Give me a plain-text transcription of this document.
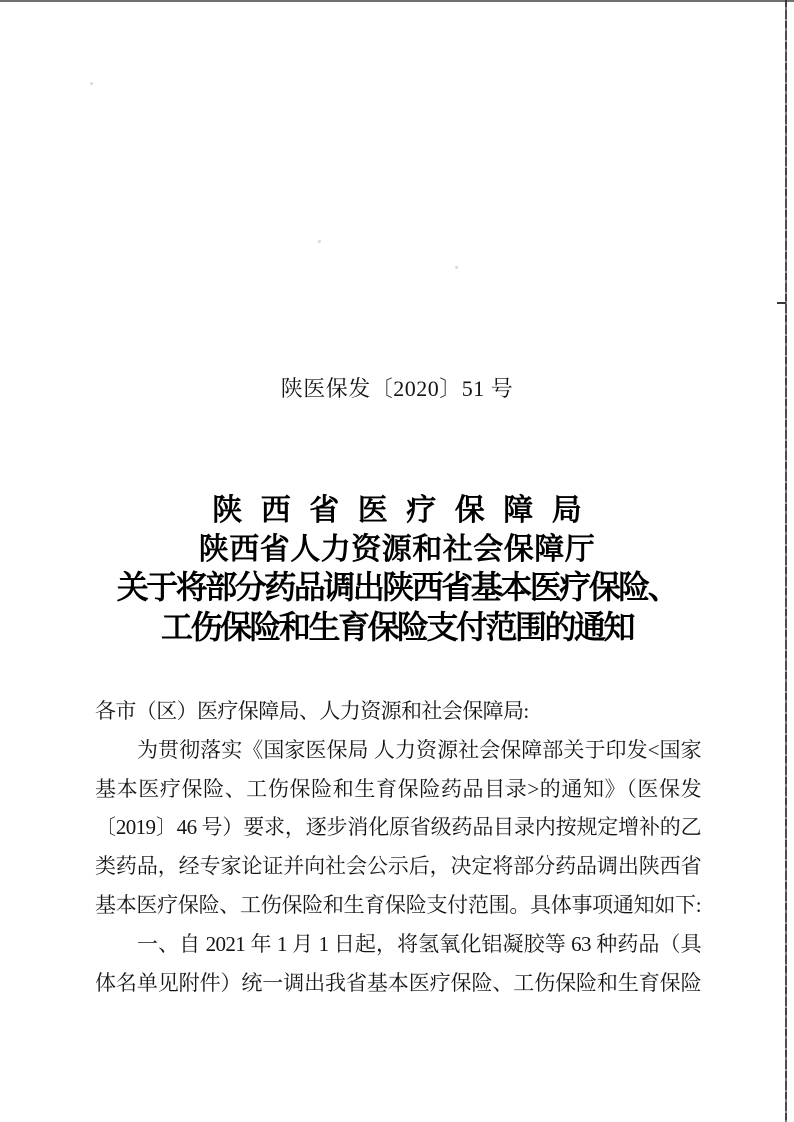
陕医保发〔2020〕51 号
陕西省医疗保障局
陕西省人力资源和社会保障厅
关于将部分药品调出陕西省基本医疗保险、
工伤保险和生育保险支付范围的通知
各市（区）医疗保障局、人力资源和社会保障局:
为贯彻落实《国家医保局 人力资源社会保障部关于印发<国家
基本医疗保险、工伤保险和生育保险药品目录>的通知》（医保发
〔2019〕46 号）要求，逐步消化原省级药品目录内按规定增补的乙
类药品，经专家论证并向社会公示后，决定将部分药品调出陕西省
基本医疗保险、工伤保险和生育保险支付范围。具体事项通知如下:
一、自 2021 年 1 月 1 日起，将氢氧化铝凝胶等 63 种药品（具
体名单见附件）统一调出我省基本医疗保险、工伤保险和生育保险
